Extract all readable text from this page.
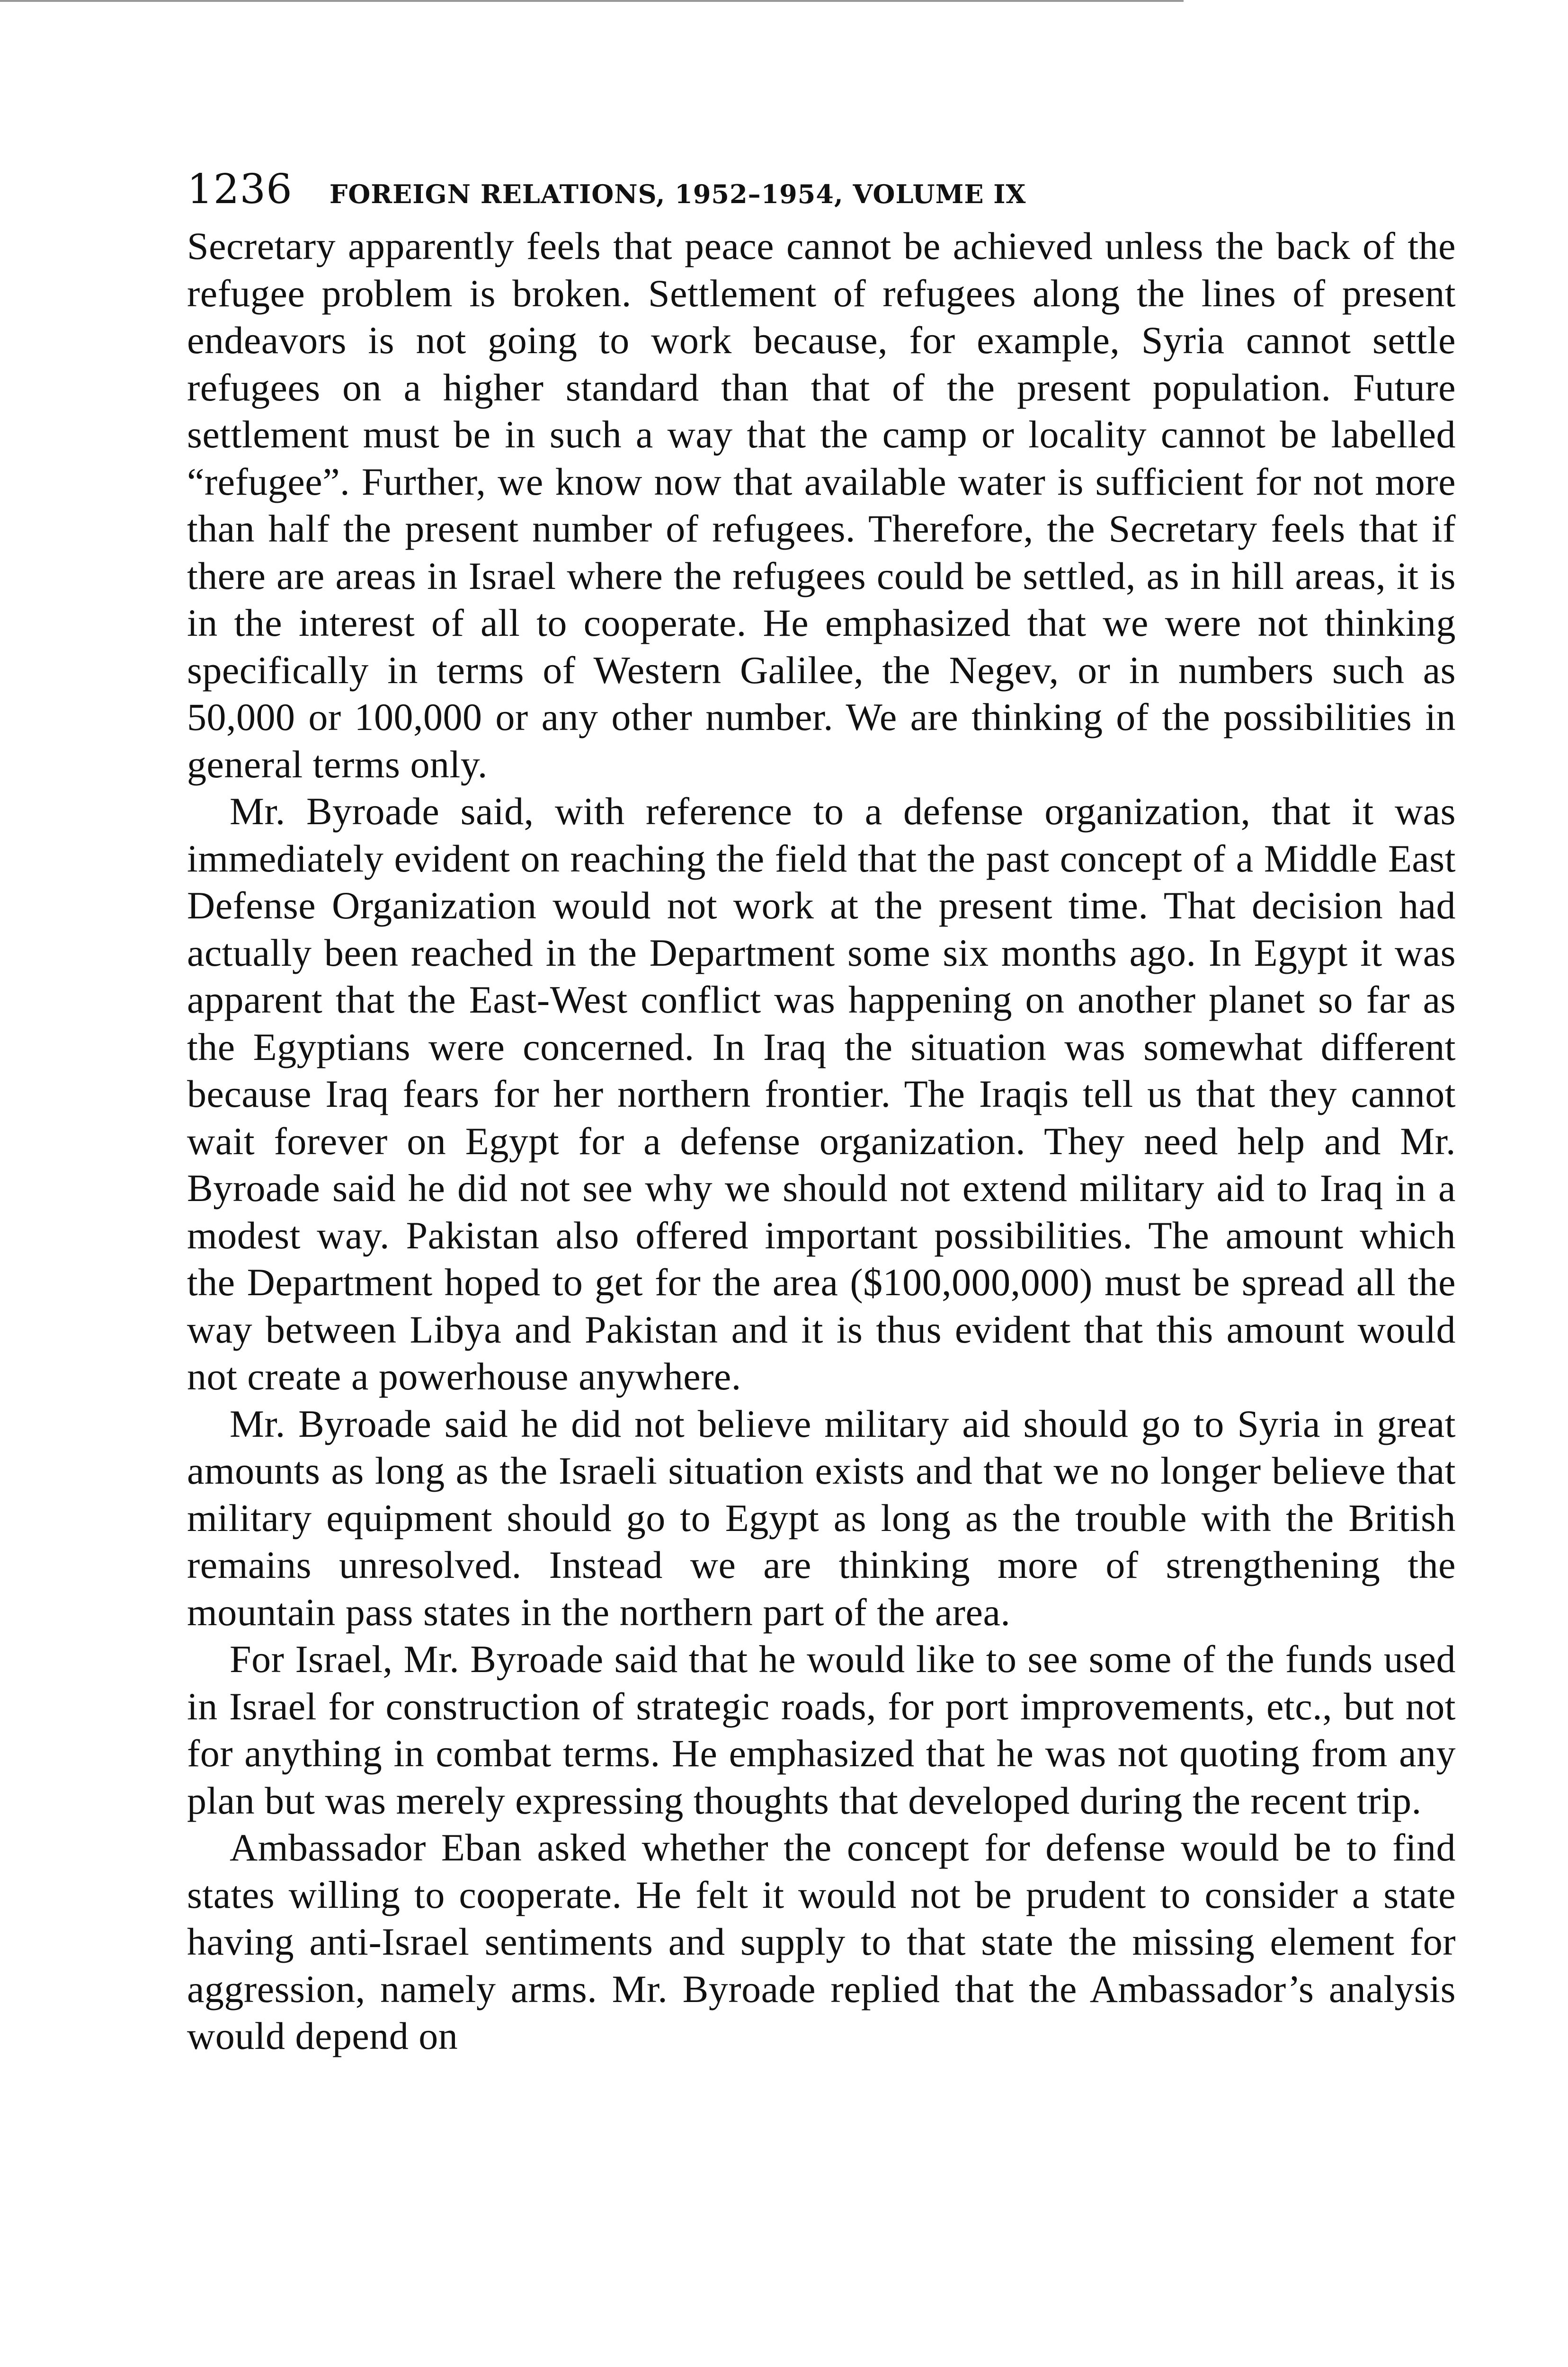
1236 FOREIGN RELATIONS, 1952–1954, VOLUME IX

Secretary apparently feels that peace cannot be achieved unless the back of the refugee problem is broken. Settlement of refugees along the lines of present endeavors is not going to work because, for example, Syria cannot settle refugees on a higher standard than that of the present population. Future settlement must be in such a way that the camp or locality cannot be labelled “refugee”. Further, we know now that available water is sufficient for not more than half the present number of refugees. Therefore, the Secretary feels that if there are areas in Israel where the refugees could be settled, as in hill areas, it is in the interest of all to cooperate. He emphasized that we were not thinking specifically in terms of Western Galilee, the Negev, or in numbers such as 50,000 or 100,000 or any other number. We are thinking of the possibilities in general terms only.

Mr. Byroade said, with reference to a defense organization, that it was immediately evident on reaching the field that the past concept of a Middle East Defense Organization would not work at the present time. That decision had actually been reached in the Department some six months ago. In Egypt it was apparent that the East-West conflict was happening on another planet so far as the Egyptians were concerned. In Iraq the situation was somewhat different because Iraq fears for her northern frontier. The Iraqis tell us that they cannot wait forever on Egypt for a defense organization. They need help and Mr. Byroade said he did not see why we should not extend military aid to Iraq in a modest way. Pakistan also offered important possibilities. The amount which the Department hoped to get for the area ($100,000,000) must be spread all the way between Libya and Pakistan and it is thus evident that this amount would not create a powerhouse anywhere.

Mr. Byroade said he did not believe military aid should go to Syria in great amounts as long as the Israeli situation exists and that we no longer believe that military equipment should go to Egypt as long as the trouble with the British remains unresolved. Instead we are thinking more of strengthening the mountain pass states in the northern part of the area.

For Israel, Mr. Byroade said that he would like to see some of the funds used in Israel for construction of strategic roads, for port improvements, etc., but not for anything in combat terms. He emphasized that he was not quoting from any plan but was merely expressing thoughts that developed during the recent trip.

Ambassador Eban asked whether the concept for defense would be to find states willing to cooperate. He felt it would not be prudent to consider a state having anti-Israel sentiments and supply to that state the missing element for aggression, namely arms. Mr. Byroade replied that the Ambassador’s analysis would depend on
